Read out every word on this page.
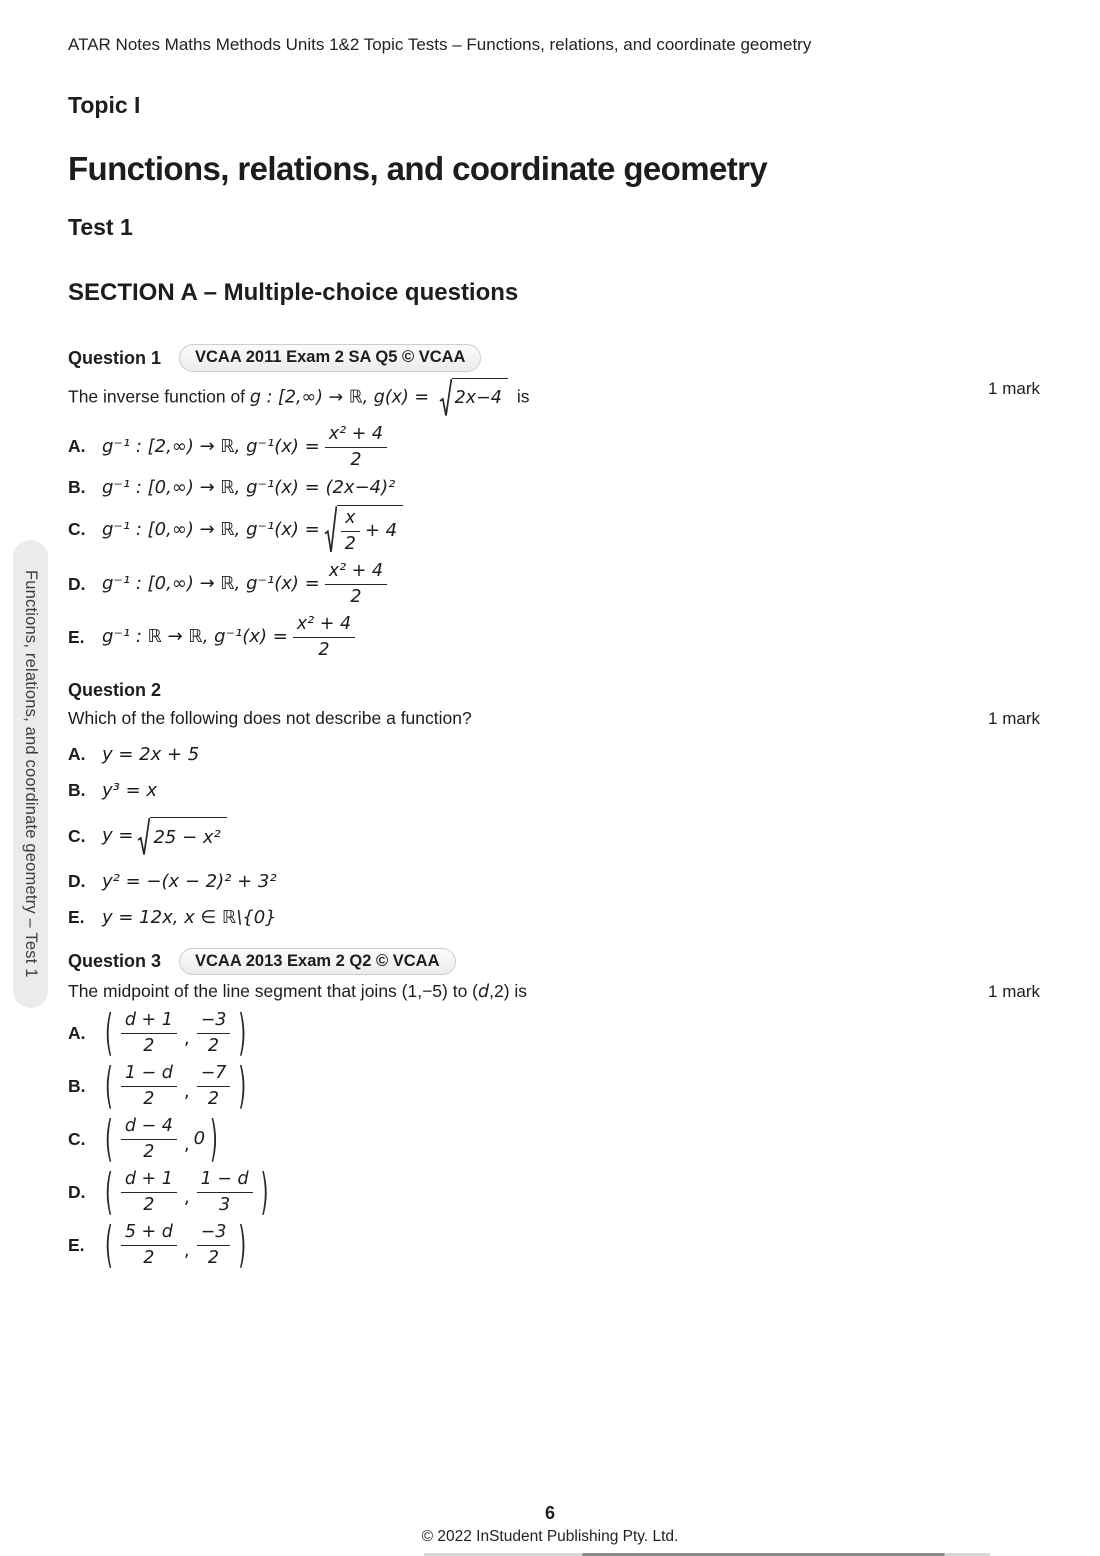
Functions, relations, and coordinate geometry – Test 1
ATAR Notes Maths Methods Units 1&2 Topic Tests – Functions, relations, and coordinate geometry
Topic I
Functions, relations, and coordinate geometry
Test 1
SECTION A – Multiple-choice questions
Question 1	VCAA 2011 Exam 2 SA Q5 © VCAA
The inverse function of g : [2,∞) → ℝ, g(x) = 2x−4 is	1 mark
A. g⁻¹ : [2,∞) → ℝ, $g^{-1}(x) = \frac{\text{x² + 4}}{2}$
B. g⁻¹ : [0,∞) → ℝ, g⁻¹(x) = (2x−4)²
C. g⁻¹ : [0,∞) → ℝ, $g^{-1}(x) = \frac{x}{2} + 4$
D. g⁻¹ : [0,∞) → ℝ, $g^{-1}(x) = \frac{\text{x² + 4}}{2}$
E. g⁻¹ : ℝ → ℝ, $g^{-1}(x) = \frac{\text{x² + 4}}{2}$
Question 2
Which of the following does not describe a function?	1 mark
A. y = 2x + 5
B. y³ = x
C. y = 25 − x²
D. y² = −(x − 2)² + 3²
E. y = 12x, x ∈ ℝ\{0}
Question 3	VCAA 2013 Exam 2 Q2 © VCAA
The midpoint of the line segment that joins (1,−5) to (d,2) is	1 mark
A. ( $\frac{d + 1}{2}$ , $\frac{-3}{2}$ )
B. ( $\frac{1 - d}{2}$ , $\frac{-7}{2}$ )
C. ( $\frac{d - 4}{2}$ , 0 )
D. ( $\frac{d + 1}{2}$ , $\frac{1 - d}{3}$ )
E.	( $\frac{5 + d}{2}$ , $\frac{-3}{2}$ )
6
© 2022 InStudent Publishing Pty. Ltd.
